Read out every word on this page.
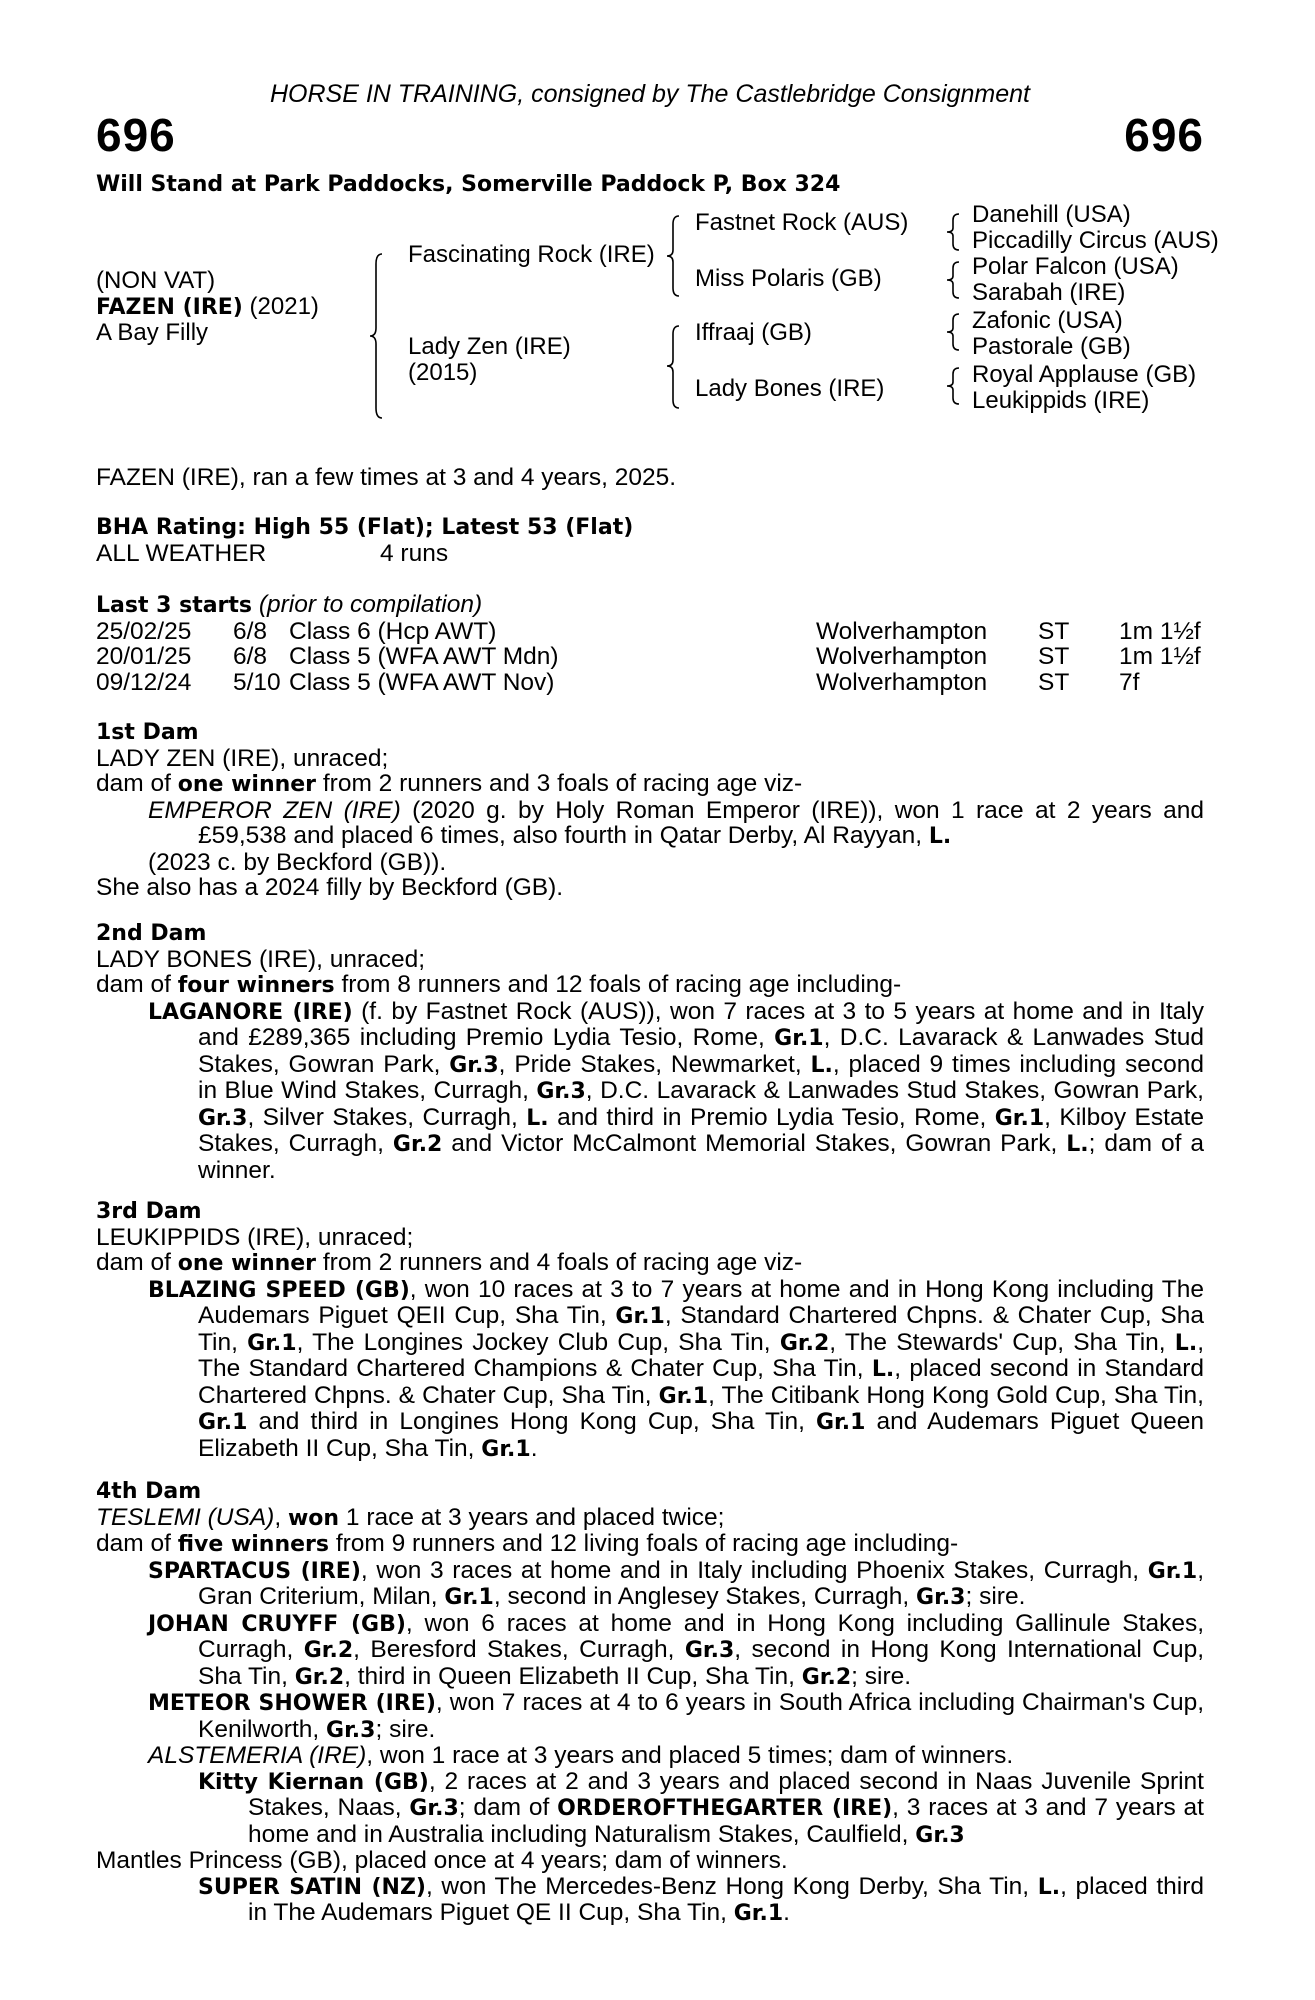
HORSE IN TRAINING, consigned by The Castlebridge Consignment
696	696
Will Stand at Park Paddocks, Somerville Paddock P, Box 324
(NON VAT)
FAZEN (IRE) (2021)
A Bay Filly
Fascinating Rock (IRE)
Lady Zen (IRE)
(2015)
Fastnet Rock (AUS)
Miss Polaris (GB)
Iffraaj (GB)
Lady Bones (IRE)
Danehill (USA)
Piccadilly Circus (AUS)
Polar Falcon (USA)
Sarabah (IRE)
Zafonic (USA)
Pastorale (GB)
Royal Applause (GB)
Leukippids (IRE)
FAZEN (IRE), ran a few times at 3 and 4 years, 2025.
BHA Rating: High 55 (Flat); Latest 53 (Flat)
ALL WEATHER	4 runs
Last 3 starts (prior to compilation)
25/02/25 6/8 Class 6 (Hcp AWT)	Wolverhampton ST 1m 1½f
20/01/25 6/8 Class 5 (WFA AWT Mdn)	Wolverhampton ST 1m 1½f
09/12/24 5/10 Class 5 (WFA AWT Nov)	Wolverhampton ST 7f
1st Dam

LADY ZEN (IRE), unraced;

dam of one winner from 2 runners and 3 foals of racing age viz-

EMPEROR ZEN (IRE) (2020 g. by Holy Roman Emperor (IRE)), won 1 race at 2 years and £59,538 and placed 6 times, also fourth in Qatar Derby, Al Rayyan, L.

(2023 c. by Beckford (GB)).

She also has a 2024 filly by Beckford (GB).

2nd Dam

LADY BONES (IRE), unraced;

dam of four winners from 8 runners and 12 foals of racing age including-

LAGANORE (IRE) (f. by Fastnet Rock (AUS)), won 7 races at 3 to 5 years at home and in Italy and £289,365 including Premio Lydia Tesio, Rome, Gr.1, D.C. Lavarack & Lanwades Stud Stakes, Gowran Park, Gr.3, Pride Stakes, Newmarket, L., placed 9 times including second in Blue Wind Stakes, Curragh, Gr.3, D.C. Lavarack & Lanwades Stud Stakes, Gowran Park, Gr.3, Silver Stakes, Curragh, L. and third in Premio Lydia Tesio, Rome, Gr.1, Kilboy Estate Stakes, Curragh, Gr.2 and Victor McCalmont Memorial Stakes, Gowran Park, L.; dam of a winner.

3rd Dam

LEUKIPPIDS (IRE), unraced;

dam of one winner from 2 runners and 4 foals of racing age viz-

BLAZING SPEED (GB), won 10 races at 3 to 7 years at home and in Hong Kong including The Audemars Piguet QEII Cup, Sha Tin, Gr.1, Standard Chartered Chpns. & Chater Cup, Sha Tin, Gr.1, The Longines Jockey Club Cup, Sha Tin, Gr.2, The Stewards' Cup, Sha Tin, L., The Standard Chartered Champions & Chater Cup, Sha Tin, L., placed second in Standard Chartered Chpns. & Chater Cup, Sha Tin, Gr.1, The Citibank Hong Kong Gold Cup, Sha Tin, Gr.1 and third in Longines Hong Kong Cup, Sha Tin, Gr.1 and Audemars Piguet Queen Elizabeth II Cup, Sha Tin, Gr.1.

4th Dam

TESLEMI (USA), won 1 race at 3 years and placed twice;

dam of five winners from 9 runners and 12 living foals of racing age including-

SPARTACUS (IRE), won 3 races at home and in Italy including Phoenix Stakes, Curragh, Gr.1, Gran Criterium, Milan, Gr.1, second in Anglesey Stakes, Curragh, Gr.3; sire.

JOHAN CRUYFF (GB), won 6 races at home and in Hong Kong including Gallinule Stakes, Curragh, Gr.2, Beresford Stakes, Curragh, Gr.3, second in Hong Kong International Cup, Sha Tin, Gr.2, third in Queen Elizabeth II Cup, Sha Tin, Gr.2; sire.

METEOR SHOWER (IRE), won 7 races at 4 to 6 years in South Africa including Chairman's Cup, Kenilworth, Gr.3; sire.

ALSTEMERIA (IRE), won 1 race at 3 years and placed 5 times; dam of winners.

Kitty Kiernan (GB), 2 races at 2 and 3 years and placed second in Naas Juvenile Sprint Stakes, Naas, Gr.3; dam of ORDEROFTHEGARTER (IRE), 3 races at 3 and 7 years at home and in Australia including Naturalism Stakes, Caulfield, Gr.3

Mantles Princess (GB), placed once at 4 years; dam of winners.

SUPER SATIN (NZ), won The Mercedes-Benz Hong Kong Derby, Sha Tin, L., placed third in The Audemars Piguet QE II Cup, Sha Tin, Gr.1.
